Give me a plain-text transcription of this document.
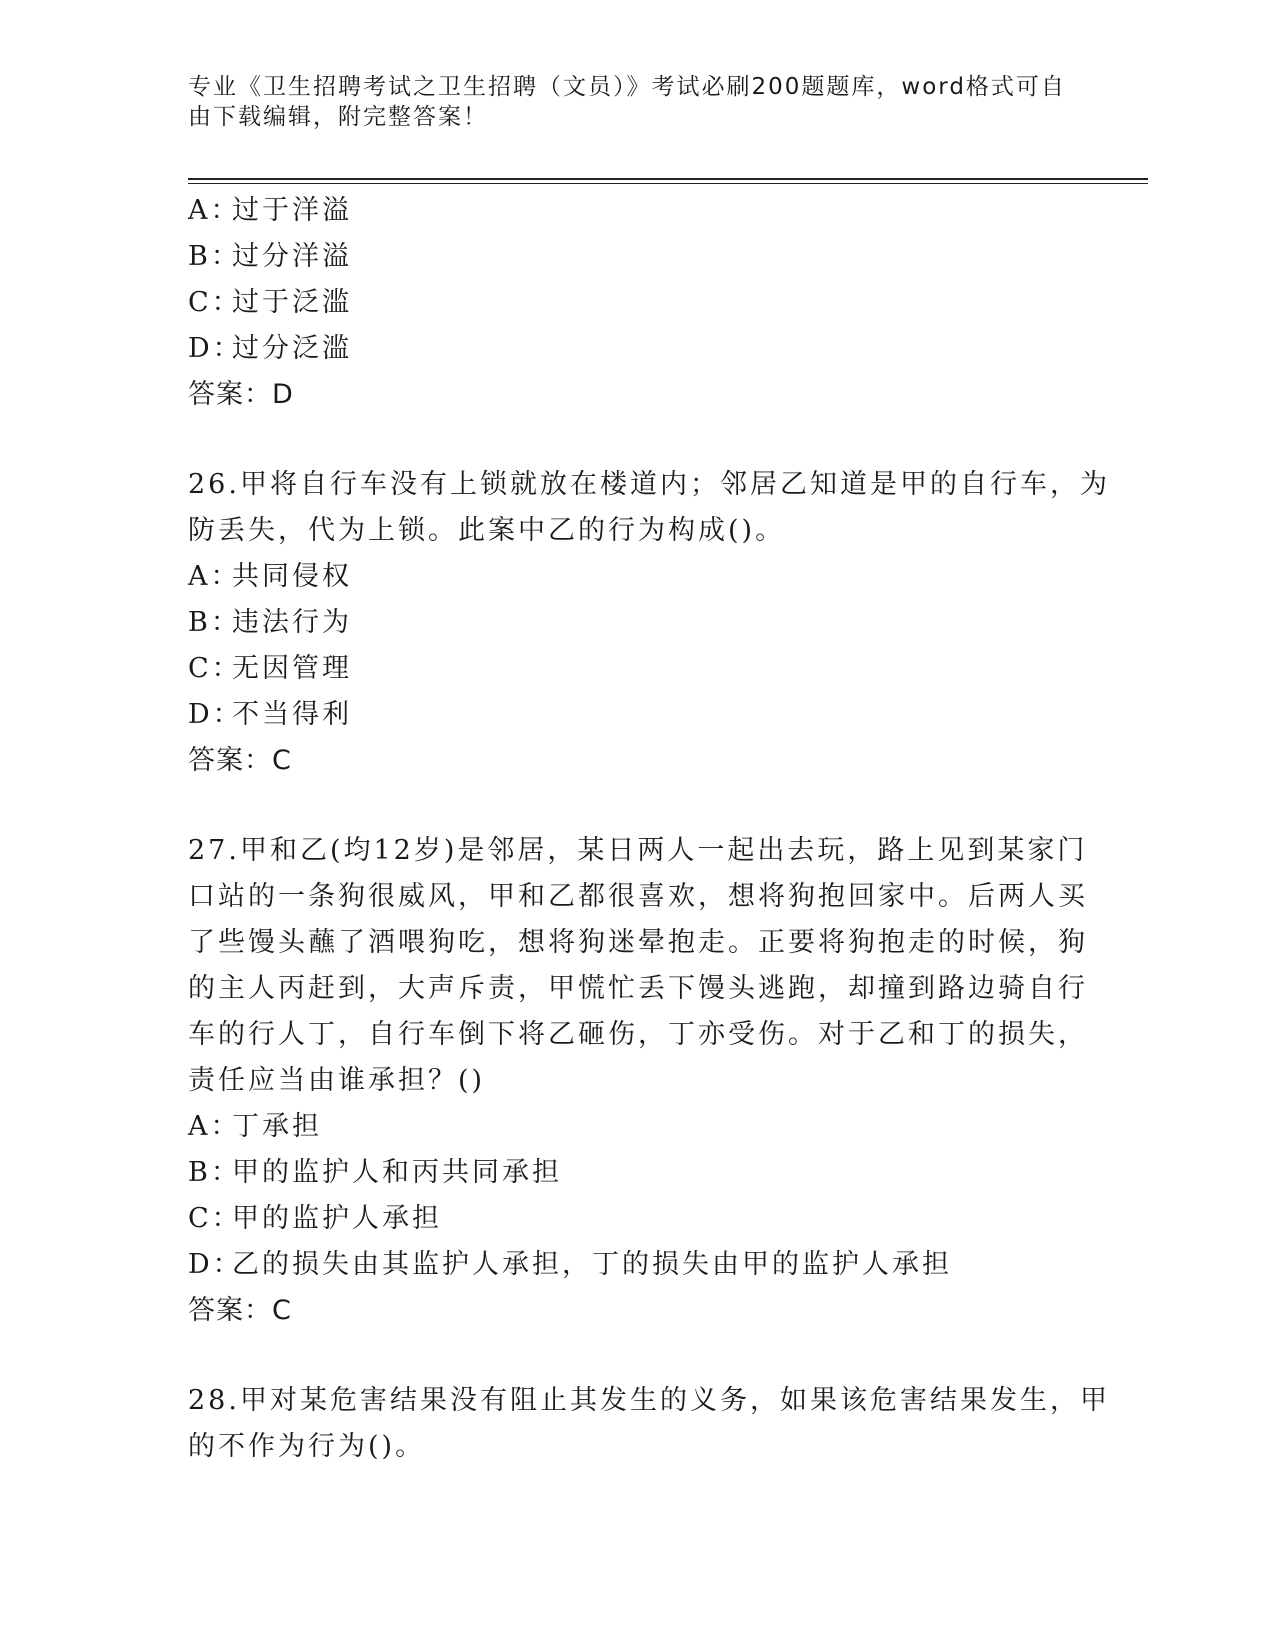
专业《卫生招聘考试之卫生招聘（文员）》考试必刷200题题库，word格式可自由下载编辑，附完整答案！
A：过于洋溢
B：过分洋溢
C：过于泛滥
D：过分泛滥
答案：D
26.甲将自行车没有上锁就放在楼道内；邻居乙知道是甲的自行车，为
防丢失，代为上锁。此案中乙的行为构成()。
A：共同侵权
B：违法行为
C：无因管理
D：不当得利
答案：C
27.甲和乙(均12岁)是邻居，某日两人一起出去玩，路上见到某家门
口站的一条狗很威风，甲和乙都很喜欢，想将狗抱回家中。后两人买
了些馒头蘸了酒喂狗吃，想将狗迷晕抱走。正要将狗抱走的时候，狗
的主人丙赶到，大声斥责，甲慌忙丢下馒头逃跑，却撞到路边骑自行
车的行人丁，自行车倒下将乙砸伤，丁亦受伤。对于乙和丁的损失，
责任应当由谁承担？()
A：丁承担
B：甲的监护人和丙共同承担
C：甲的监护人承担
D：乙的损失由其监护人承担，丁的损失由甲的监护人承担
答案：C
28.甲对某危害结果没有阻止其发生的义务，如果该危害结果发生，甲
的不作为行为()。
